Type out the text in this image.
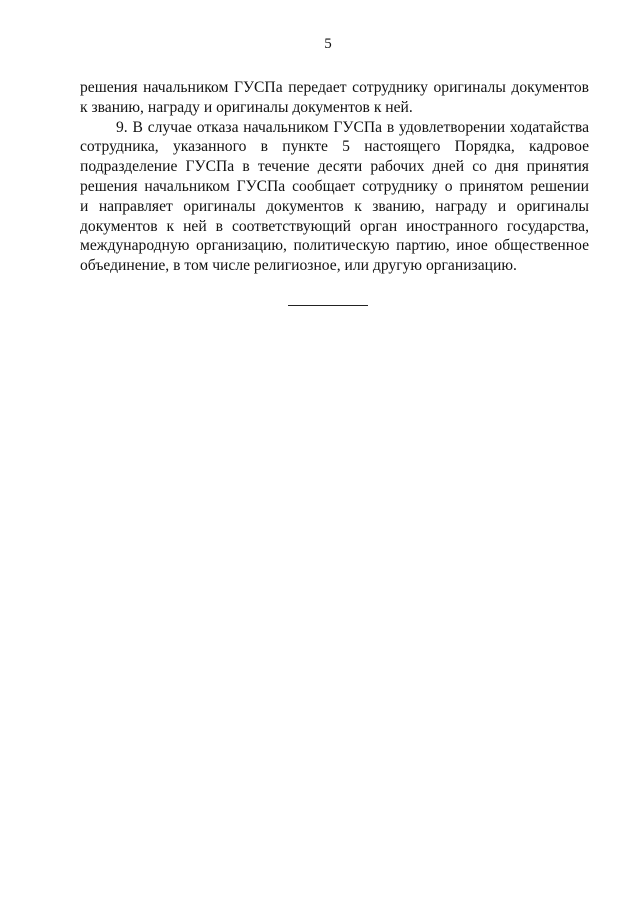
5
решения начальником ГУСПа передает сотруднику оригиналы документов
к званию, награду и оригиналы документов к ней.
9. В случае отказа начальником ГУСПа в удовлетворении ходатайства
сотрудника, указанного в пункте 5 настоящего Порядка, кадровое
подразделение ГУСПа в течение десяти рабочих дней со дня принятия
решения начальником ГУСПа сообщает сотруднику о принятом решении
и направляет оригиналы документов к званию, награду и оригиналы
документов к ней в соответствующий орган иностранного государства,
международную организацию, политическую партию, иное общественное
объединение, в том числе религиозное, или другую организацию.
